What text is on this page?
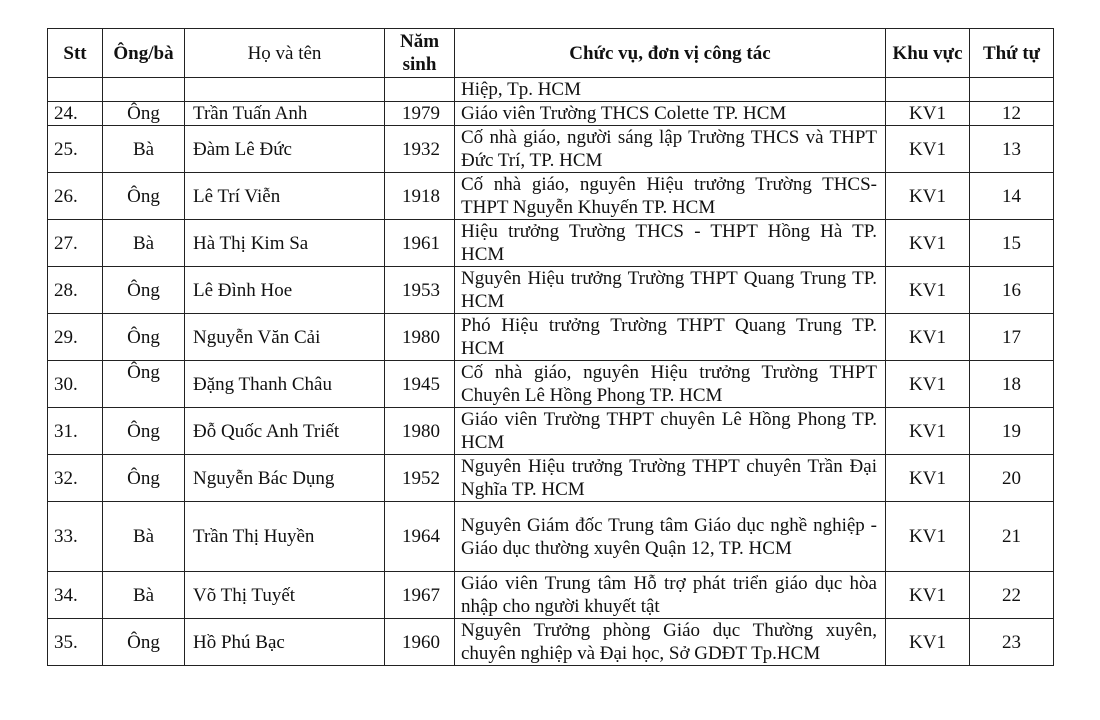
Stt	Ông/bà	Họ và tên	Năm sinh	Chức vụ, đơn vị công tác	Khu vực	Thứ tự
				Hiệp, Tp. HCM		
24.	Ông	Trần Tuấn Anh	1979	Giáo viên Trường THCS Colette TP. HCM	KV1	12
25.	Bà	Đàm Lê Đức	1932	Cố nhà giáo, người sáng lập Trường THCS và THPT Đức Trí, TP. HCM	KV1	13
26.	Ông	Lê Trí Viễn	1918	Cố nhà giáo, nguyên Hiệu trưởng Trường THCS-THPT Nguyễn Khuyến TP. HCM	KV1	14
27.	Bà	Hà Thị Kim Sa	1961	Hiệu trưởng Trường THCS - THPT Hồng Hà TP. HCM	KV1	15
28.	Ông	Lê Đình Hoe	1953	Nguyên Hiệu trưởng Trường THPT Quang Trung TP. HCM	KV1	16
29.	Ông	Nguyễn Văn Cải	1980	Phó Hiệu trưởng Trường THPT Quang Trung TP. HCM	KV1	17
30.	Ông	Đặng Thanh Châu	1945	Cố nhà giáo, nguyên Hiệu trưởng Trường THPT Chuyên Lê Hồng Phong TP. HCM	KV1	18
31.	Ông	Đỗ Quốc Anh Triết	1980	Giáo viên Trường THPT chuyên Lê Hồng Phong TP. HCM	KV1	19
32.	Ông	Nguyễn Bác Dụng	1952	Nguyên Hiệu trưởng Trường THPT chuyên Trần Đại Nghĩa TP. HCM	KV1	20
33.	Bà	Trần Thị Huyền	1964	Nguyên Giám đốc Trung tâm Giáo dục nghề nghiệp - Giáo dục thường xuyên Quận 12, TP. HCM	KV1	21
34.	Bà	Võ Thị Tuyết	1967	Giáo viên Trung tâm Hỗ trợ phát triển giáo dục hòa nhập cho người khuyết tật	KV1	22
35.	Ông	Hồ Phú Bạc	1960	Nguyên Trưởng phòng Giáo dục Thường xuyên, chuyên nghiệp và Đại học, Sở GDĐT Tp.HCM	KV1	23
